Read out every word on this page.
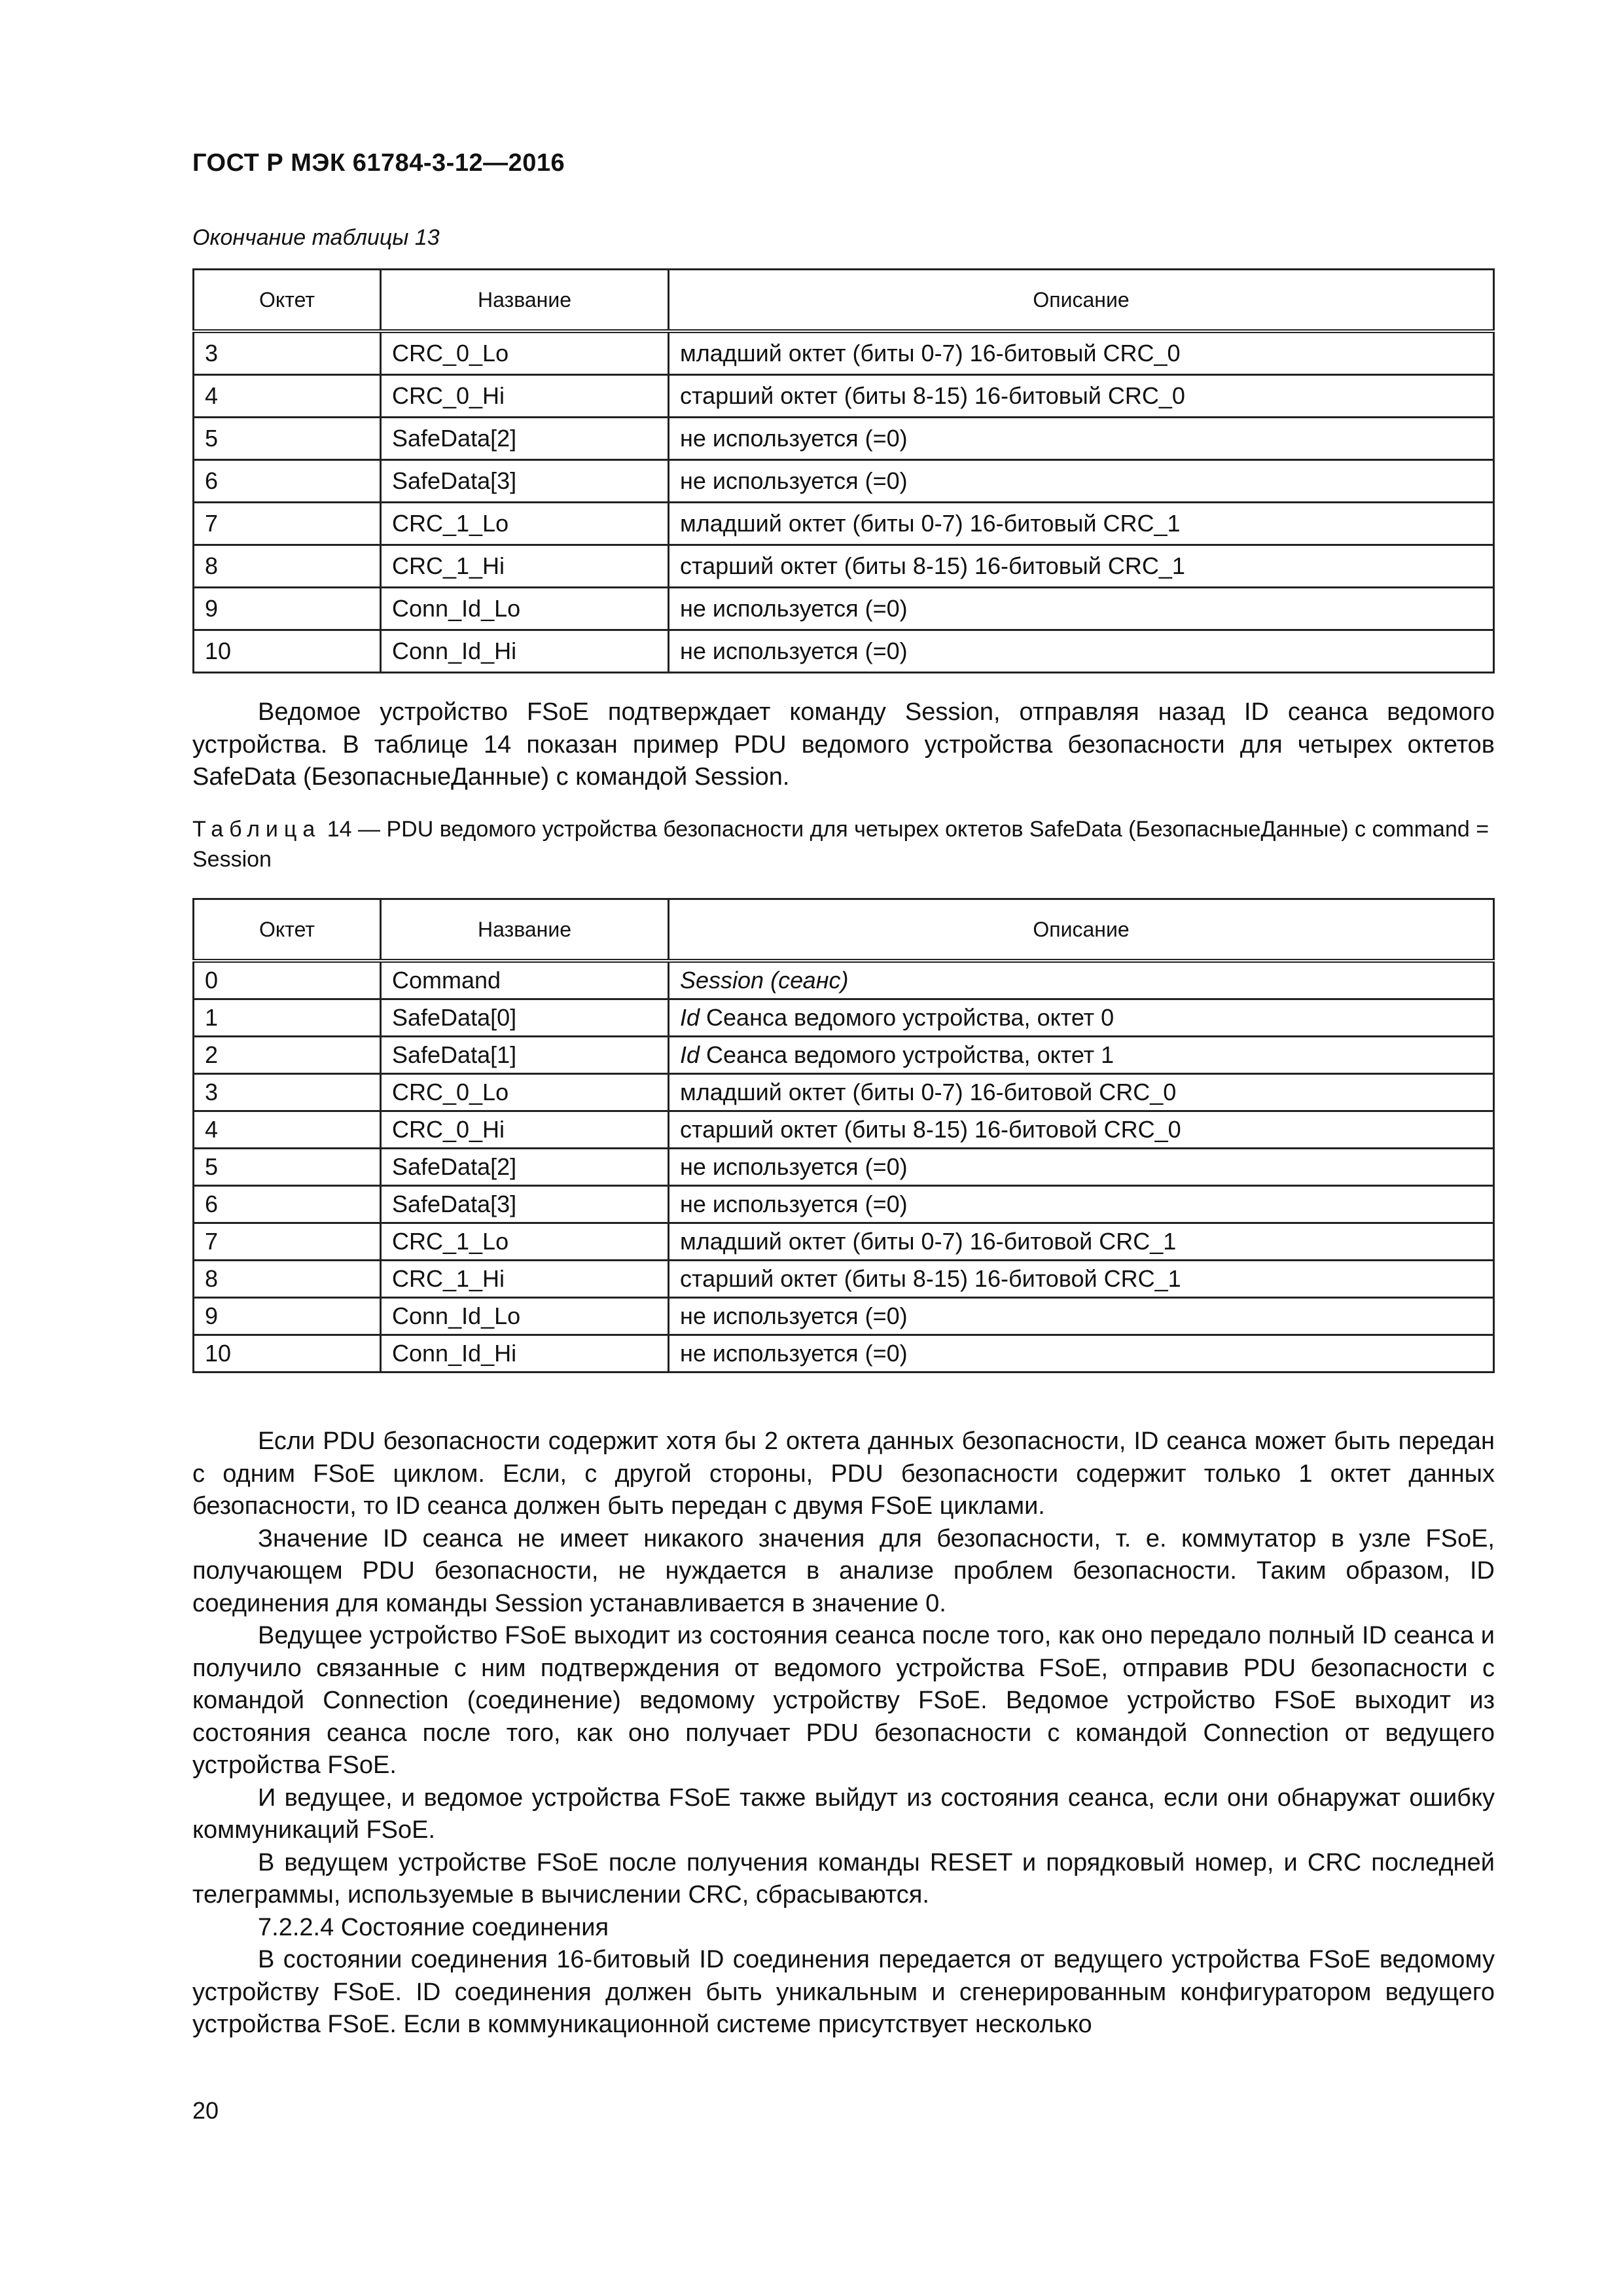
ГОСТ Р МЭК 61784-3-12—2016
Окончание таблицы 13
Октет	Название	Описание
3	CRC_0_Lo	младший октет (биты 0-7) 16-битовый CRC_0
4	CRC_0_Hi	старший октет (биты 8-15) 16-битовый CRC_0
5	SafeData[2]	не используется (=0)
6	SafeData[3]	не используется (=0)
7	CRC_1_Lo	младший октет (биты 0-7) 16-битовый CRC_1
8	CRC_1_Hi	старший октет (биты 8-15) 16-битовый CRC_1
9	Conn_Id_Lo	не используется (=0)
10	Conn_Id_Hi	не используется (=0)

Ведомое устройство FSoE подтверждает команду Session, отправляя назад ID сеанса ведомого устройства. В таблице 14 показан пример PDU ведомого устройства безопасности для четырех октетов SafeData (БезопасныеДанные) с командой Session.

Таблица 14 — PDU ведомого устройства безопасности для четырех октетов SafeData (БезопасныеДанные) с command = Session
Октет	Название	Описание
0	Command	Session (сеанс)
1	SafeData[0]	Id Сеанса ведомого устройства, октет 0
2	SafeData[1]	Id Сеанса ведомого устройства, октет 1
3	CRC_0_Lo	младший октет (биты 0-7) 16-битовой CRC_0
4	CRC_0_Hi	старший октет (биты 8-15) 16-битовой CRC_0
5	SafeData[2]	не используется (=0)
6	SafeData[3]	не используется (=0)
7	CRC_1_Lo	младший октет (биты 0-7) 16-битовой CRC_1
8	CRC_1_Hi	старший октет (биты 8-15) 16-битовой CRC_1
9	Conn_Id_Lo	не используется (=0)
10	Conn_Id_Hi	не используется (=0)

Если PDU безопасности содержит хотя бы 2 октета данных безопасности, ID сеанса может быть передан с одним FSoE циклом. Если, с другой стороны, PDU безопасности содержит только 1 октет данных безопасности, то ID сеанса должен быть передан с двумя FSoE циклами.

Значение ID сеанса не имеет никакого значения для безопасности, т. е. коммутатор в узле FSoE, получающем PDU безопасности, не нуждается в анализе проблем безопасности. Таким образом, ID соединения для команды Session устанавливается в значение 0.

Ведущее устройство FSoE выходит из состояния сеанса после того, как оно передало полный ID сеанса и получило связанные с ним подтверждения от ведомого устройства FSoE, отправив PDU безопасности с командой Connection (соединение) ведомому устройству FSoE. Ведомое устройство FSoE выходит из состояния сеанса после того, как оно получает PDU безопасности с командой Connection от ведущего устройства FSoE.

И ведущее, и ведомое устройства FSoE также выйдут из состояния сеанса, если они обнаружат ошибку коммуникаций FSoE.

В ведущем устройстве FSoE после получения команды RESET и порядковый номер, и CRC последней телеграммы, используемые в вычислении CRC, сбрасываются.

7.2.2.4 Состояние соединения

В состоянии соединения 16-битовый ID соединения передается от ведущего устройства FSoE ведомому устройству FSoE. ID соединения должен быть уникальным и сгенерированным конфигуратором ведущего устройства FSoE. Если в коммуникационной системе присутствует несколько

20
